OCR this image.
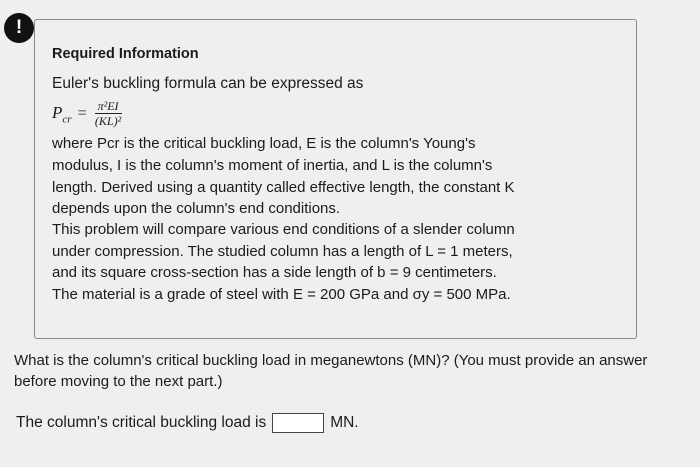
!
Required Information
Euler's buckling formula can be expressed as
$P_{cr} = \frac{\text{π²EI}}{\text{(KL)²}}$
where Pcr is the critical buckling load, E is the column's Young's
modulus, I is the column's moment of inertia, and L is the column's
length. Derived using a quantity called effective length, the constant K
depends upon the column's end conditions.
This problem will compare various end conditions of a slender column
under compression. The studied column has a length of L = 1 meters,
and its square cross-section has a side length of b = 9 centimeters.
The material is a grade of steel with E = 200 GPa and σy = 500 MPa.
What is the column's critical buckling load in meganewtons (MN)? (You must provide an answer before moving to the next part.)
The column's critical buckling load is	MN.
